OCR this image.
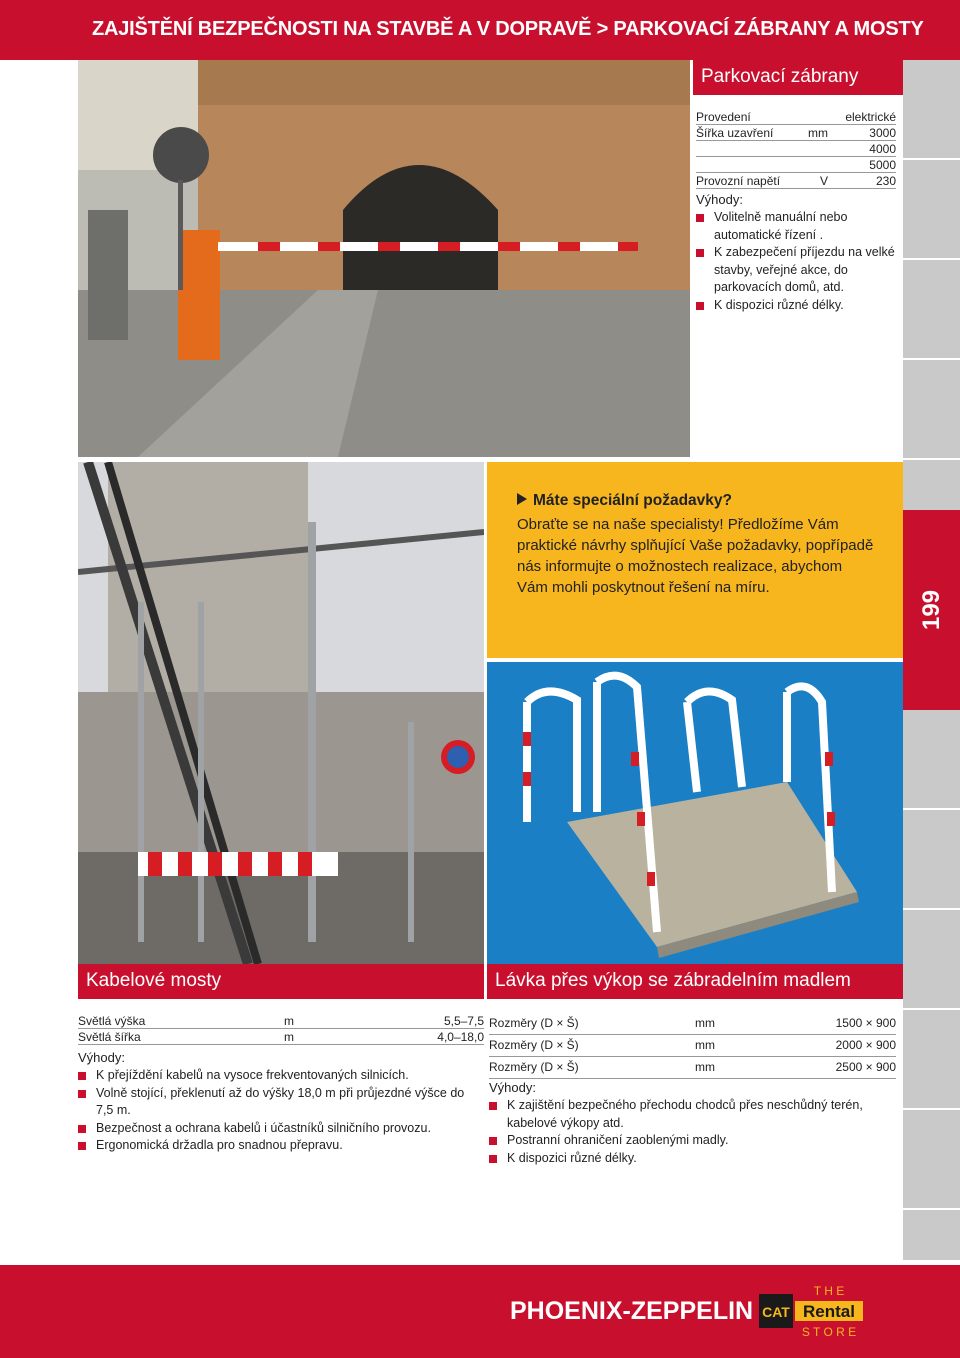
ZAJIŠTĚNÍ BEZPEČNOSTI NA STAVBĚ A V DOPRAVĚ > PARKOVACÍ ZÁBRANY A MOSTY
199
Parkovací zábrany
Provedení	elektrické
Šířka uzavření	mm	3000
4000
5000
Provozní napětí	V	230
Výhody:
Volitelně manuální nebo automatické řízení .
K zabezpečení příjezdu na velké stavby, veřejné akce, do parkovacích domů, atd.
K dispozici různé délky.
Máte speciální požadavky?
Obraťte se na naše specialisty! Předložíme Vám praktické návrhy splňující Vaše požadavky, popřípadě nás informujte o možnostech realizace, abychom Vám mohli poskytnout řešení na míru.
Kabelové mosty	Lávka přes výkop se zábradelním madlem
Světlá výška	m	5,5–7,5
Světlá šířka	m	4,0–18,0
Výhody:
K přejíždění kabelů na vysoce frekventovaných silnicích.
Volně stojící, překlenutí až do výšky 18,0 m při průjezdné výšce do 7,5 m.
Bezpečnost a ochrana kabelů i účastníků silničního provozu.
Ergonomická držadla pro snadnou přepravu.
Rozměry (D × Š)	mm	1500 × 900
Rozměry (D × Š)	mm	2000 × 900
Rozměry (D × Š)	mm	2500 × 900
Výhody:
K zajištění bezpečného přechodu chodců přes neschůdný terén, kabelové výkopy atd.
Postranní ohraničení zaoblenými madly.
K dispozici různé délky.
PHOENIX-ZEPPELIN CAT
T H E
Rental
S T O R E
